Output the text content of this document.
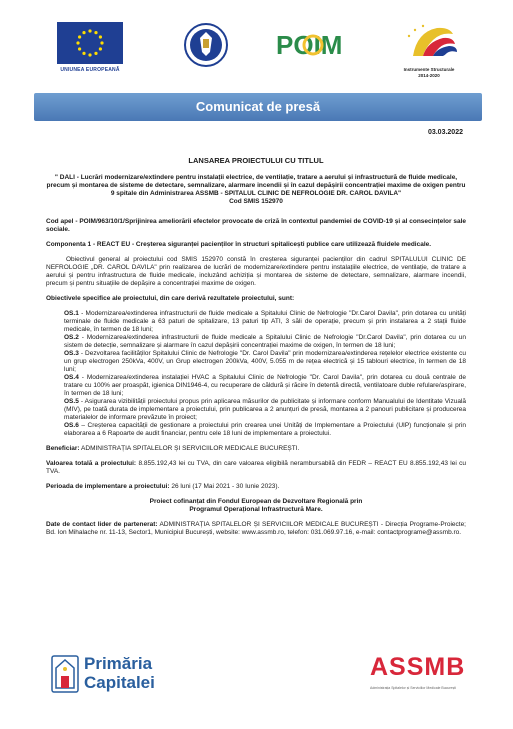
UNIUNEA EUROPEANĂ
POIM
Instrumente Structurale
2014-2020
Comunicat de presă
03.03.2022
LANSAREA PROIECTULUI CU TITLUL
" DALI - Lucrări modernizare/extindere pentru instalații electrice, de ventilație, tratare a aerului și infrastructură de fluide medicale, precum și montarea de sisteme de detectare, semnalizare, alarmare incendii și în cazul depășirii concentrației maxime de oxigen pentru 9 spitale din Administrarea ASSMB - SPITALUL CLINIC DE NEFROLOGIE DR. CAROL DAVILA"
Cod SMIS 152970

Cod apel - POIM/963/10/1/Sprijinirea ameliorării efectelor provocate de criză în contextul pandemiei de COVID-19 și al consecințelor sale sociale.

Componenta 1 - REACT EU - Creșterea siguranței pacienților în structuri spitalicești publice care utilizează fluidele medicale.

Obiectivul general al proiectului cod SMIS 152970 constă în creșterea siguranței pacienților din cadrul SPITALULUI CLINIC DE NEFROLOGIE „DR. CAROL DAVILA" prin realizarea de lucrări de modernizare/extindere pentru instalațiile electrice, de ventilație, de tratare a aerului și pentru infrastructura de fluide medicale, incluzând achiziția și montarea de sisteme de detectare, semnalizare, alarmare incendii, precum și pentru situațiile de depășire a concentrației maxime de oxigen.

Obiectivele specifice ale proiectului, din care derivă rezultatele proiectului, sunt:

OS.1 - Modernizarea/extinderea infrastructurii de fluide medicale a Spitalului Clinic de Nefrologie "Dr.Carol Davila", prin dotarea cu unități terminale de fluide medicale a 63 paturi de spitalizare, 13 paturi tip ATI, 3 săli de operație, precum și prin instalarea a 2 stații fluide medicale, în termen de 18 luni;
OS.2 - Modernizarea/extinderea infrastructurii de fluide medicale a Spitalului Clinic de Nefrologie "Dr.Carol Davila", prin dotarea cu un sistem de detecție, semnalizare și alarmare în cazul depășirii concentrației maxime de oxigen, în termen de 18 luni;
OS.3 - Dezvoltarea facilităților Spitalului Clinic de Nefrologie "Dr. Carol Davila" prin modernizarea/extinderea rețelelor electrice existente cu un grup electrogen 250kVa, 400V, un Grup electrogen 200kVa, 400V, 5.055 m de rețea electrică și 15 tablouri electrice, în termen de 18 luni;
OS.4 - Modernizarea/extinderea instalației HVAC a Spitalului Clinic de Nefrologie "Dr. Carol Davila", prin dotarea cu două centrale de tratare cu 100% aer proaspăt, igienica DIN1946-4, cu recuperare de căldură și răcire în detentă directă, ventilatoare duble refulare/aspirare, în termen de 18 luni;
OS.5 - Asigurarea vizibilității proiectului propus prin aplicarea măsurilor de publicitate și informare conform Manualului de Identitate Vizuală (MIV), pe toată durata de implementare a proiectului, prin publicarea a 2 anunțuri de presă, montarea a 2 panouri publicitare și producerea materialelor de informare prevăzute în proiect;
OS.6 – Creșterea capacității de gestionare a proiectului prin crearea unei Unități de Implementare a Proiectului (UIP) funcționale și prin elaborarea a 6 Rapoarte de audit financiar, pentru cele 18 luni de implementare a proiectului.

Beneficiar: ADMINISTRAȚIA SPITALELOR ȘI SERVICIILOR MEDICALE BUCUREȘTI.

Valoarea totală a proiectului: 8.855.192,43 lei cu TVA, din care valoarea eligibilă nerambursabilă din FEDR – REACT EU 8.855.192,43 lei cu TVA.

Perioada de implementare a proiectului: 26 luni (17 Mai 2021 - 30 Iunie 2023).

Proiect cofinanțat din Fondul European de Dezvoltare Regională prin
Programul Operațional Infrastructură Mare.

Date de contact lider de partenerat: ADMINISTRAȚIA SPITALELOR ȘI SERVICIILOR MEDICALE BUCUREȘTI - Direcția Programe-Proiecte; Bd. Ion Mihalache nr. 11-13, Sector1, Municipiul București, website: www.assmb.ro, telefon: 031.069.97.16, e-mail: contactprograme@assmb.ro.

Primăria
Capitalei
ASSMB
Administrația Spitalelor și Serviciilor Medicale București
